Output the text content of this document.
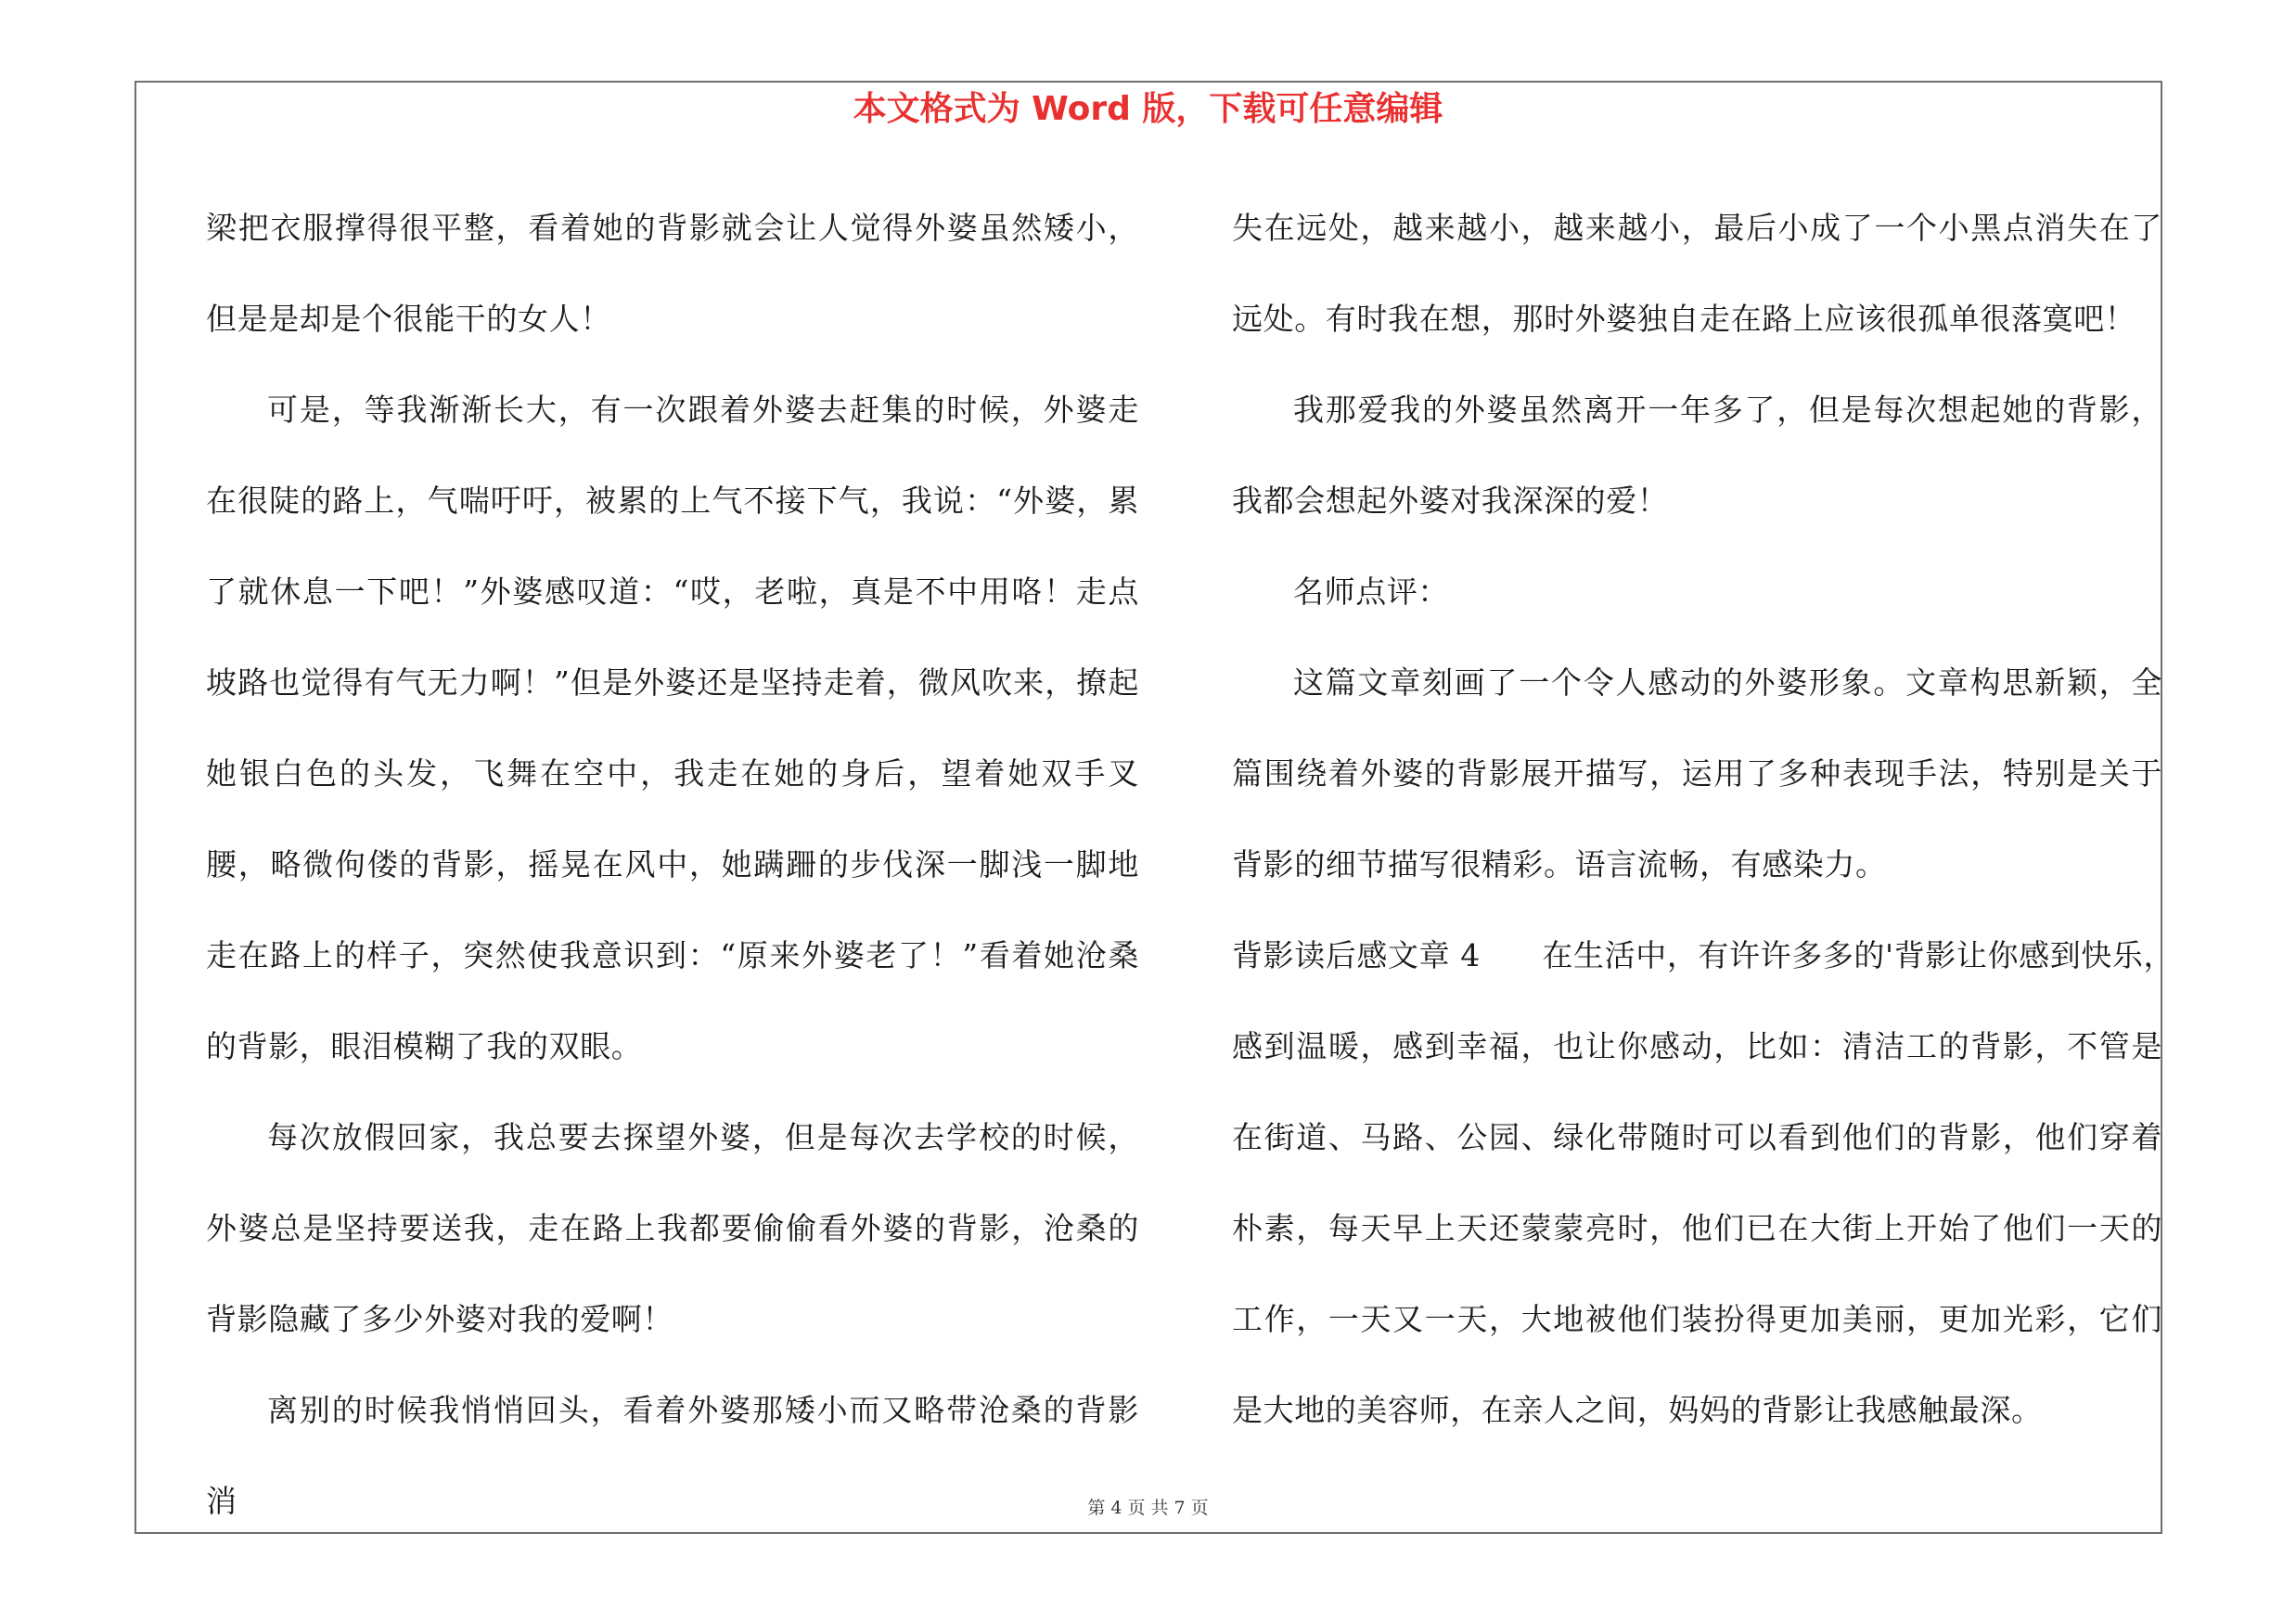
本文格式为 Word 版，下载可任意编辑

梁把衣服撑得很平整，看着她的背影就会让人觉得外婆虽然矮小，但是是却是个很能干的女人！

可是，等我渐渐长大，有一次跟着外婆去赶集的时候，外婆走在很陡的路上，气喘吁吁，被累的上气不接下气，我说：“外婆，累了就休息一下吧！”外婆感叹道：“哎，老啦，真是不中用咯！走点坡路也觉得有气无力啊！”但是外婆还是坚持走着，微风吹来，撩起她银白色的头发，飞舞在空中，我走在她的身后，望着她双手叉腰，略微佝偻的背影，摇晃在风中，她蹒跚的步伐深一脚浅一脚地走在路上的样子，突然使我意识到：“原来外婆老了！”看着她沧桑的背影，眼泪模糊了我的双眼。

每次放假回家，我总要去探望外婆，但是每次去学校的时候，外婆总是坚持要送我，走在路上我都要偷偷看外婆的背影，沧桑的背影隐藏了多少外婆对我的爱啊！

离别的时候我悄悄回头，看着外婆那矮小而又略带沧桑的背影消

失在远处，越来越小，越来越小，最后小成了一个小黑点消失在了远处。有时我在想，那时外婆独自走在路上应该很孤单很落寞吧！

我那爱我的外婆虽然离开一年多了，但是每次想起她的背影，我都会想起外婆对我深深的爱！

名师点评：

这篇文章刻画了一个令人感动的外婆形象。文章构思新颖，全篇围绕着外婆的背影展开描写，运用了多种表现手法，特别是关于背影的细节描写很精彩。语言流畅，有感染力。

背影读后感文章 4      在生活中，有许许多多的'背影让你感到快乐，

感到温暖，感到幸福，也让你感动，比如：清洁工的背影，不管是在街道、马路、公园、绿化带随时可以看到他们的背影，他们穿着朴素，每天早上天还蒙蒙亮时，他们已在大街上开始了他们一天的工作，一天又一天，大地被他们装扮得更加美丽，更加光彩，它们是大地的美容师，在亲人之间，妈妈的背影让我感触最深。

第 4 页 共 7 页
